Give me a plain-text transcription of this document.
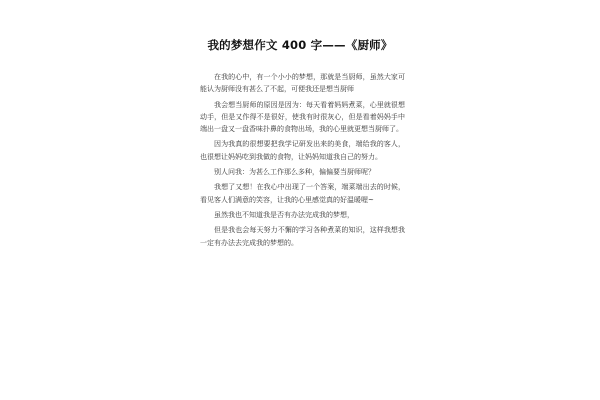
我的梦想作文 400 字——《厨师》

在我的心中，有一个小小的梦想，那就是当厨师，虽然大家可能认为厨师没有甚么了不起，可便我还是想当厨师

我会想当厨师的原因是因为：每天看着妈妈煮菜，心里就很想动手，但是又作得不是很好，使我有时很灰心，但是看着妈妈手中端出一盘又一盘香味扑鼻的食物出场，我的心里就更想当厨师了。

因为我真的很想要把我学记研发出来的美食，端给我的客人，也很想让妈妈吃到我做的食物，让妈妈知道我自己的努力。

别人问我：为甚么工作那么多种，偏偏要当厨师呢？

我想了又想！在我心中出现了一个答案，端菜端出去的时候，看见客人们满意的笑容，让我的心里感觉真的好温暖喔~

虽然我也不知道我是否有办法完成我的梦想，

但是我也会每天努力不懈的学习各种煮菜的知识，这样我想我一定有办法去完成我的梦想的。
